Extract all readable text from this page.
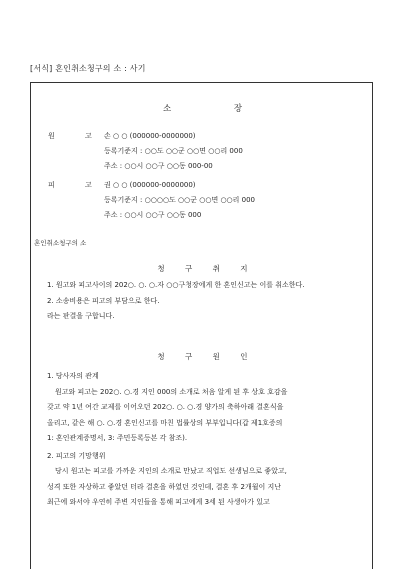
[서식] 혼인취소청구의 소 : 사기
소 장
원 고
손 ○ ○ (000000-0000000)
등록기준지 : ○○도 ○○군 ○○면 ○○리 000
주소 : ○○시 ○○구 ○○동 000-00
피 고
권 ○ ○ (000000-0000000)
등록기준지 : ○○○○도 ○○군 ○○면 ○○리 000
주소 : ○○시 ○○구 ○○동 000
혼인취소청구의 소
청 구 취 지
1. 원고와 피고사이의 202○. ○. ○.자 ○○구청장에게 한 혼인신고는 이를 취소한다.
2. 소송비용은 피고의 부담으로 한다.
라는 판결을 구합니다.
청 구 원 인
1. 당사자의 관계
원고와 피고는 202○. ○.경 지인 000의 소개로 처음 알게 된 후 상호 호감을
갖고 약 1년 여간 교제를 이어오던 202○. ○. ○.경 양가의 축하아래 결혼식을
올리고, 같은 해 ○. ○.경 혼인신고를 마친 법률상의 부부입니다(갑 제1호증의
1: 혼인관계증명서, 3: 주민등록등본 각 참조).
2. 피고의 기망행위
당시 원고는 피고를 가까운 지인의 소개로 만났고 직업도 선생님으로 좋았고,
성격 또한 자상하고 좋았던 터라 결혼을 하였던 것인데, 결혼 후 2개월이 지난
최근에 와서야 우연히 주변 지인들을 통해 피고에게 3세 된 사생아가 있고
